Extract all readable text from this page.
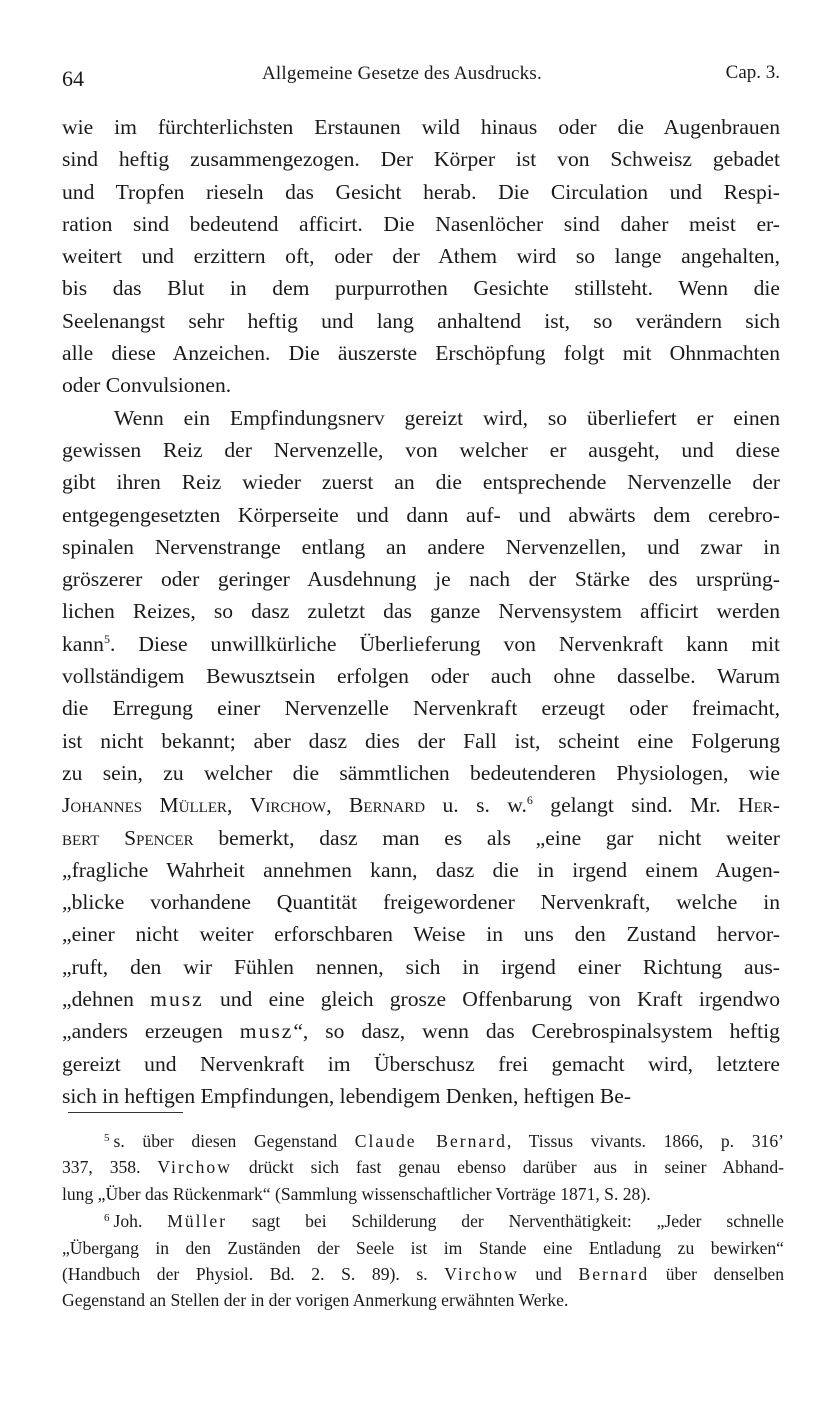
64	Allgemeine Gesetze des Ausdrucks.	Cap. 3.

wie im fürchterlichsten Erstaunen wild hinaus oder die Augenbrauen
sind heftig zusammengezogen. Der Körper ist von Schweisz gebadet
und Tropfen rieseln das Gesicht herab. Die Circulation und Respi-
ration sind bedeutend afficirt. Die Nasenlöcher sind daher meist er-
weitert und erzittern oft, oder der Athem wird so lange angehalten,
bis das Blut in dem purpurrothen Gesichte stillsteht. Wenn die
Seelenangst sehr heftig und lang anhaltend ist, so verändern sich
alle diese Anzeichen. Die äuszerste Erschöpfung folgt mit Ohnmachten
oder Convulsionen.

Wenn ein Empfindungsnerv gereizt wird, so überliefert er einen
gewissen Reiz der Nervenzelle, von welcher er ausgeht, und diese
gibt ihren Reiz wieder zuerst an die entsprechende Nervenzelle der
entgegengesetzten Körperseite und dann auf- und abwärts dem cerebro-
spinalen Nervenstrange entlang an andere Nervenzellen, und zwar in
gröszerer oder geringer Ausdehnung je nach der Stärke des ursprüng-
lichen Reizes, so dasz zuletzt das ganze Nervensystem afficirt werden
kann$^5$. Diese unwillkürliche Überlieferung von Nervenkraft kann mit
vollständigem Bewusztsein erfolgen oder auch ohne dasselbe. Warum
die Erregung einer Nervenzelle Nervenkraft erzeugt oder freimacht,
ist nicht bekannt; aber dasz dies der Fall ist, scheint eine Folgerung
zu sein, zu welcher die sämmtlichen bedeutenderen Physiologen, wie
Johannes Müller, Virchow, Bernard u. s. w.$^6$ gelangt sind. Mr. Her-
bert Spencer bemerkt, dasz man es als „eine gar nicht weiter
„fragliche Wahrheit annehmen kann, dasz die in irgend einem Augen-
„blicke vorhandene Quantität freigewordener Nervenkraft, welche in
„einer nicht weiter erforschbaren Weise in uns den Zustand hervor-
„ruft, den wir Fühlen nennen, sich in irgend einer Richtung aus-
„dehnen musz und eine gleich grosze Offenbarung von Kraft irgendwo
„anders erzeugen musz“, so dasz, wenn das Cerebrospinalsystem heftig
gereizt und Nervenkraft im Überschusz frei gemacht wird, letztere
sich in heftigen Empfindungen, lebendigem Denken, heftigen Be-

$^5$ s. über diesen Gegenstand Claude Bernard, Tissus vivants. 1866, p. 316’
337, 358. Virchow drückt sich fast genau ebenso darüber aus in seiner Abhand-
lung „Über das Rückenmark“ (Sammlung wissenschaftlicher Vorträge 1871, S. 28).

$^6$ Joh. Müller sagt bei Schilderung der Nerventhätigkeit: „Jeder schnelle
„Übergang in den Zuständen der Seele ist im Stande eine Entladung zu bewirken“
(Handbuch der Physiol. Bd. 2. S. 89). s. Virchow und Bernard über denselben
Gegenstand an Stellen der in der vorigen Anmerkung erwähnten Werke.
